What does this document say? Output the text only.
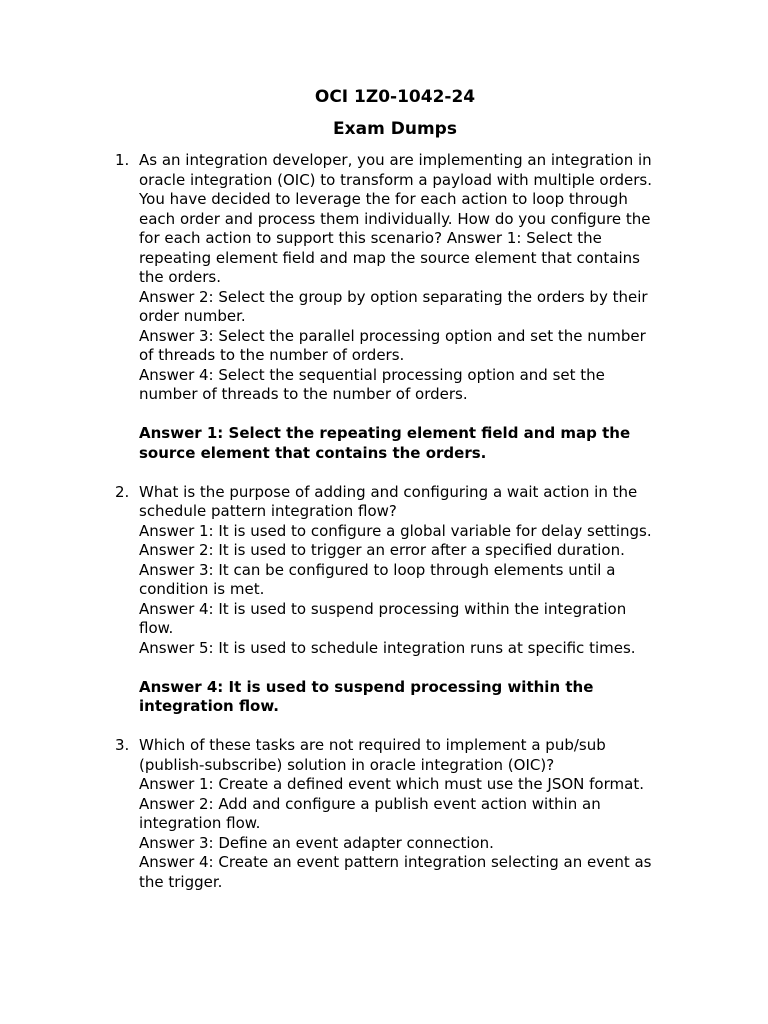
OCI 1Z0-1042-24
Exam Dumps
1. As an integration developer, you are implementing an integration in
oracle integration (OIC) to transform a payload with multiple orders.
You have decided to leverage the for each action to loop through
each order and process them individually. How do you configure the
for each action to support this scenario? Answer 1: Select the
repeating element field and map the source element that contains
the orders.
Answer 2: Select the group by option separating the orders by their
order number.
Answer 3: Select the parallel processing option and set the number
of threads to the number of orders.
Answer 4: Select the sequential processing option and set the
number of threads to the number of orders.
Answer 1: Select the repeating element field and map the
source element that contains the orders.
2. What is the purpose of adding and configuring a wait action in the
schedule pattern integration flow?
Answer 1: It is used to configure a global variable for delay settings.
Answer 2: It is used to trigger an error after a specified duration.
Answer 3: It can be configured to loop through elements until a
condition is met.
Answer 4: It is used to suspend processing within the integration
flow.
Answer 5: It is used to schedule integration runs at specific times.
Answer 4: It is used to suspend processing within the
integration flow.
3. Which of these tasks are not required to implement a pub/sub
(publish-subscribe) solution in oracle integration (OIC)?
Answer 1: Create a defined event which must use the JSON format.
Answer 2: Add and configure a publish event action within an
integration flow.
Answer 3: Define an event adapter connection.
Answer 4: Create an event pattern integration selecting an event as
the trigger.
